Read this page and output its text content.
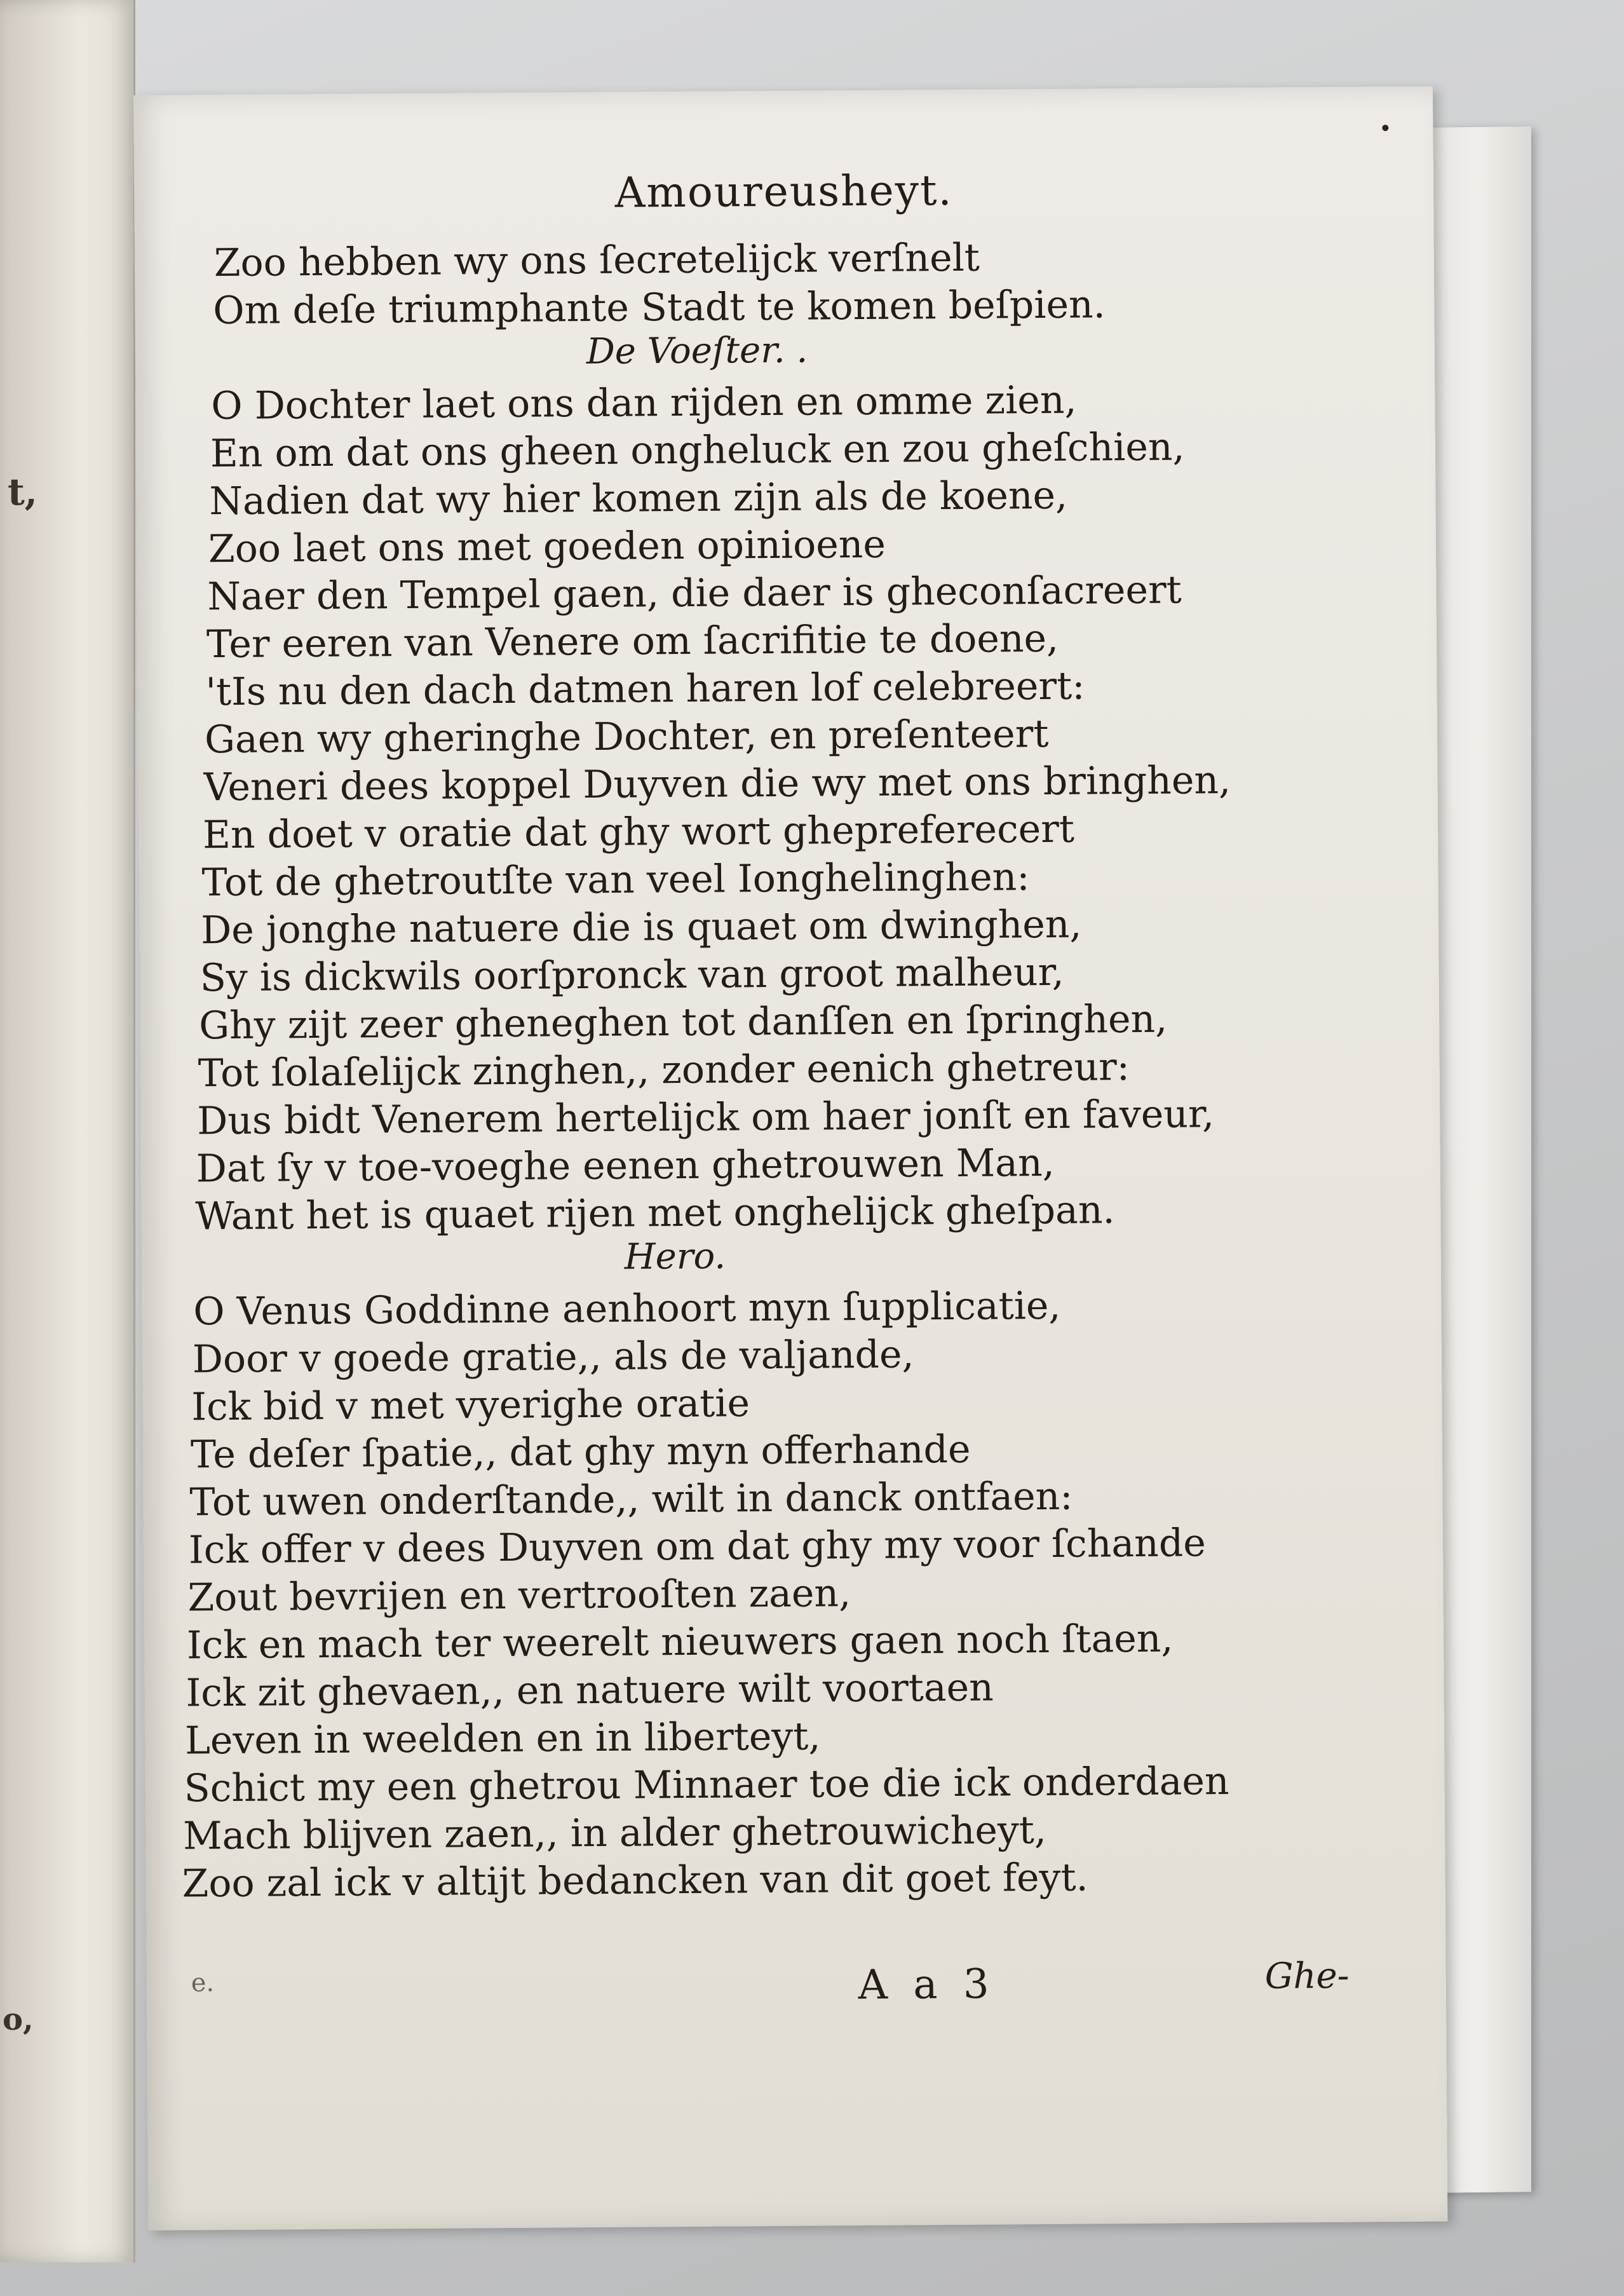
t,
o,
Amoureusheyt.
Zoo hebben wy ons ſecretelijck verſnelt
Om deſe triumphante Stadt te komen beſpien.
De Voeſter. .
O Dochter laet ons dan rijden en omme zien,
En om dat ons gheen ongheluck en zou gheſchien,
Nadien dat wy hier komen zijn als de koene,
Zoo laet ons met goeden opinioene
Naer den Tempel gaen, die daer is gheconſacreert
Ter eeren van Venere om ſacrifitie te doene,
'tIs nu den dach datmen haren lof celebreert:
Gaen wy gheringhe Dochter, en preſenteert
Veneri dees koppel Duyven die wy met ons bringhen,
En doet v oratie dat ghy wort ghepreferecert
Tot de ghetroutſte van veel Ionghelinghen:
De jonghe natuere die is quaet om dwinghen,
Sy is dickwils oorſpronck van groot malheur,
Ghy zijt zeer gheneghen tot danſſen en ſpringhen,
Tot ſolaſelijck zinghen,, zonder eenich ghetreur:
Dus bidt Venerem hertelijck om haer jonſt en faveur,
Dat ſy v toe-voeghe eenen ghetrouwen Man,
Want het is quaet rijen met onghelijck gheſpan.
Hero.
O Venus Goddinne aenhoort myn ſupplicatie,
Door v goede gratie,, als de valjande,
Ick bid v met vyerighe oratie
Te deſer ſpatie,, dat ghy myn offerhande
Tot uwen onderſtande,, wilt in danck ontfaen:
Ick offer v dees Duyven om dat ghy my voor ſchande
Zout bevrijen en vertrooſten zaen,
Ick en mach ter weerelt nieuwers gaen noch ſtaen,
Ick zit ghevaen,, en natuere wilt voortaen
Leven in weelden en in liberteyt,
Schict my een ghetrou Minnaer toe die ick onderdaen
Mach blijven zaen,, in alder ghetrouwicheyt,
Zoo zal ick v altijt bedancken van dit goet feyt.
e.	A a 3	Ghe-
